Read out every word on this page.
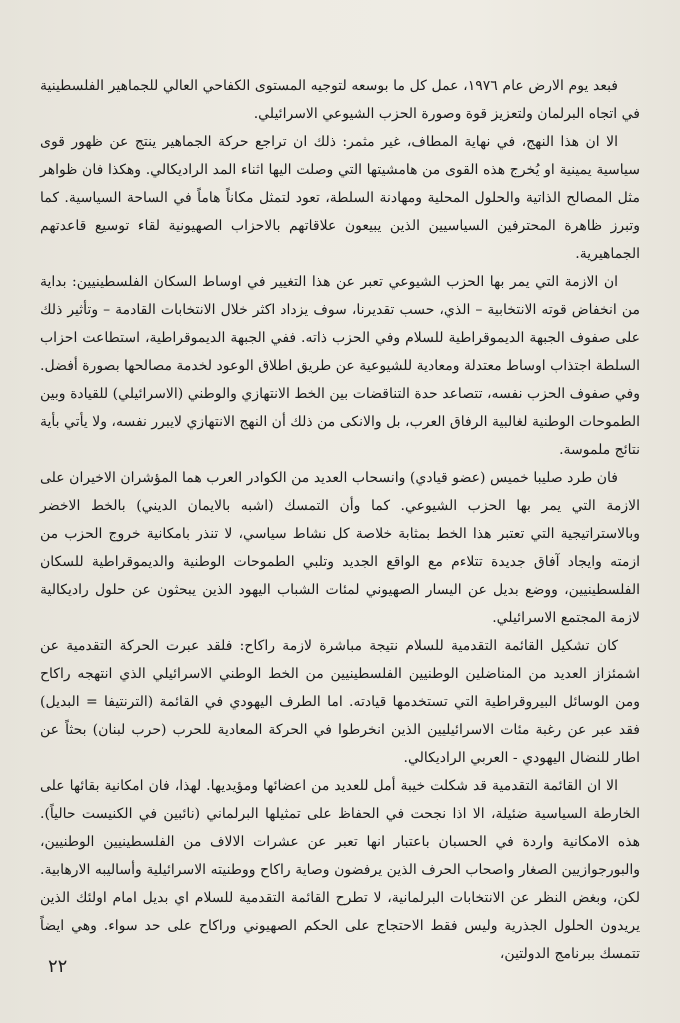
فبعد يوم الارض عام ١٩٧٦، عمل كل ما بوسعه لتوجيه المستوى الكفاحي العالي للجماهير الفلسطينية في اتجاه البرلمان ولتعزيز قوة وصورة الحزب الشيوعي الاسرائيلي.

الا ان هذا النهج، في نهاية المطاف، غير مثمر: ذلك ان تراجع حركة الجماهير ينتج عن ظهور قوى سياسية يمينية او يُخرج هذه القوى من هامشيتها التي وصلت اليها اثناء المد الراديكالي. وهكذا فان ظواهر مثل المصالح الذاتية والحلول المحلية ومهادنة السلطة، تعود لتمثل مكاناً هاماً في الساحة السياسية. كما وتبرز ظاهرة المحترفين السياسيين الذين يبيعون علاقاتهم بالاحزاب الصهيونية لقاء توسيع قاعدتهم الجماهيرية.

ان الازمة التي يمر بها الحزب الشيوعي تعبر عن هذا التغيير في اوساط السكان الفلسطينيين: بداية من انخفاض قوته الانتخابية – الذي، حسب تقديرنا، سوف يزداد اكثر خلال الانتخابات القادمة – وتأثير ذلك على صفوف الجبهة الديموقراطية للسلام وفي الحزب ذاته. ففي الجبهة الديموقراطية، استطاعت احزاب السلطة اجتذاب اوساط معتدلة ومعادية للشيوعية عن طريق اطلاق الوعود لخدمة مصالحها بصورة أفضل. وفي صفوف الحزب نفسه، تتصاعد حدة التناقضات بين الخط الانتهازي والوطني (الاسرائيلي) للقيادة وبين الطموحات الوطنية لغالبية الرفاق العرب، بل والانكى من ذلك أن النهج الانتهازي لايبرر نفسه، ولا يأتي بأية نتائج ملموسة.

فان طرد صليبا خميس (عضو قيادي) وانسحاب العديد من الكوادر العرب هما المؤشران الاخيران على الازمة التي يمر بها الحزب الشيوعي. كما وأن التمسك (اشبه بالايمان الديني) بالخط الاخضر وبالاستراتيجية التي تعتبر هذا الخط بمثابة خلاصة كل نشاط سياسي، لا تنذر بامكانية خروج الحزب من ازمته وايجاد آفاق جديدة تتلاءم مع الواقع الجديد وتلبي الطموحات الوطنية والديموقراطية للسكان الفلسطينيين، ووضع بديل عن اليسار الصهيوني لمئات الشباب اليهود الذين يبحثون عن حلول راديكالية لازمة المجتمع الاسرائيلي.

كان تشكيل القائمة التقدمية للسلام نتيجة مباشرة لازمة راكاح: فلقد عبرت الحركة التقدمية عن اشمئزاز العديد من المناضلين الوطنيين الفلسطينيين من الخط الوطني الاسرائيلي الذي انتهجه راكاح ومن الوسائل البيروقراطية التي تستخدمها قيادته. اما الطرف اليهودي في القائمة (الترنتيفا = البديل) فقد عبر عن رغبة مئات الاسرائيليين الذين انخرطوا في الحركة المعادية للحرب (حرب لبنان) بحثاً عن اطار للنضال اليهودي - العربي الراديكالي.

الا ان القائمة التقدمية قد شكلت خيبة أمل للعديد من اعضائها ومؤيديها. لهذا، فان امكانية بقائها على الخارطة السياسية ضئيلة، الا اذا نجحت في الحفاظ على تمثيلها البرلماني (نائبين في الكنيست حالياً). هذه الامكانية واردة في الحسبان باعتبار انها تعبر عن عشرات الالاف من الفلسطينيين الوطنيين، والبورجوازيين الصغار واصحاب الحرف الذين يرفضون وصاية راكاح ووطنيته الاسرائيلية وأساليبه الارهابية. لكن، وبغض النظر عن الانتخابات البرلمانية، لا تطرح القائمة التقدمية للسلام اي بديل امام اولئك الذين يريدون الحلول الجذرية وليس فقط الاحتجاج على الحكم الصهيوني وراكاح على حد سواء. وهي ايضاً تتمسك ببرنامج الدولتين،

٢٢
